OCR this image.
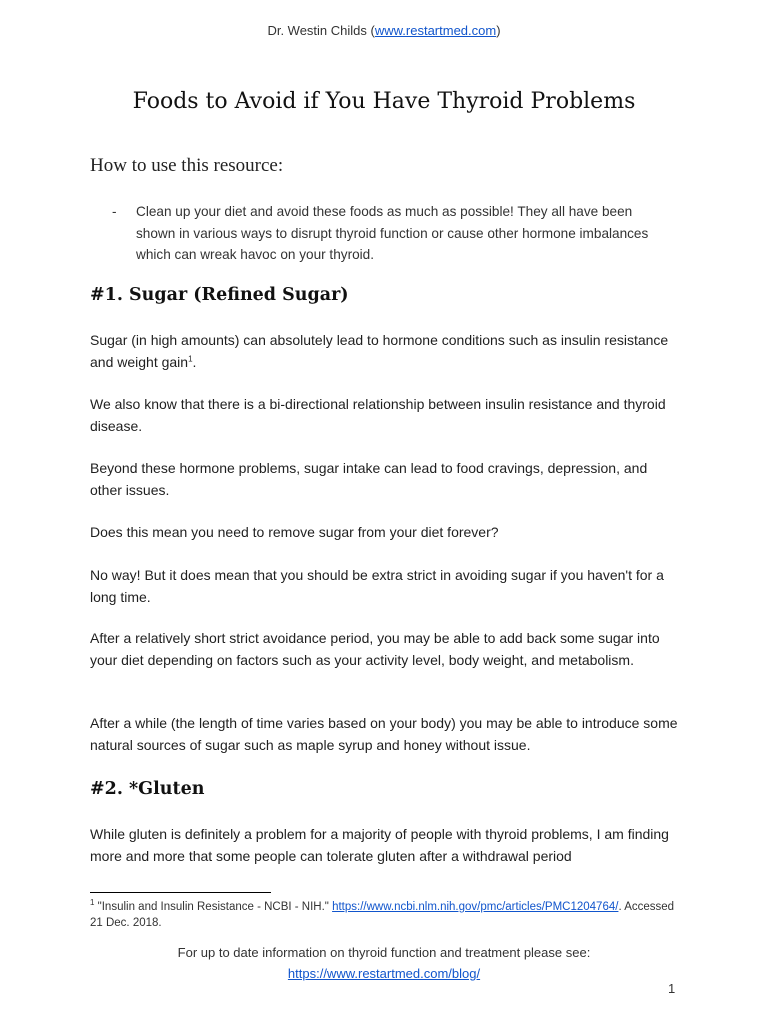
Dr. Westin Childs (www.restartmed.com)
Foods to Avoid if You Have Thyroid Problems
How to use this resource:
- Clean up your diet and avoid these foods as much as possible! They all have been shown in various ways to disrupt thyroid function or cause other hormone imbalances which can wreak havoc on your thyroid.
#1. Sugar (Refined Sugar)
Sugar (in high amounts) can absolutely lead to hormone conditions such as insulin resistance and weight gain$^1$.
We also know that there is a bi-directional relationship between insulin resistance and thyroid disease.
Beyond these hormone problems, sugar intake can lead to food cravings, depression, and other issues.
Does this mean you need to remove sugar from your diet forever?
No way! But it does mean that you should be extra strict in avoiding sugar if you haven't for a long time.
After a relatively short strict avoidance period, you may be able to add back some sugar into your diet depending on factors such as your activity level, body weight, and metabolism.
After a while (the length of time varies based on your body) you may be able to introduce some natural sources of sugar such as maple syrup and honey without issue.
#2. *Gluten
While gluten is definitely a problem for a majority of people with thyroid problems, I am finding more and more that some people can tolerate gluten after a withdrawal period
$^1$ "Insulin and Insulin Resistance - NCBI - NIH." https://www.ncbi.nlm.nih.gov/pmc/articles/PMC1204764/. Accessed 21 Dec. 2018.
For up to date information on thyroid function and treatment please see:
https://www.restartmed.com/blog/
1
